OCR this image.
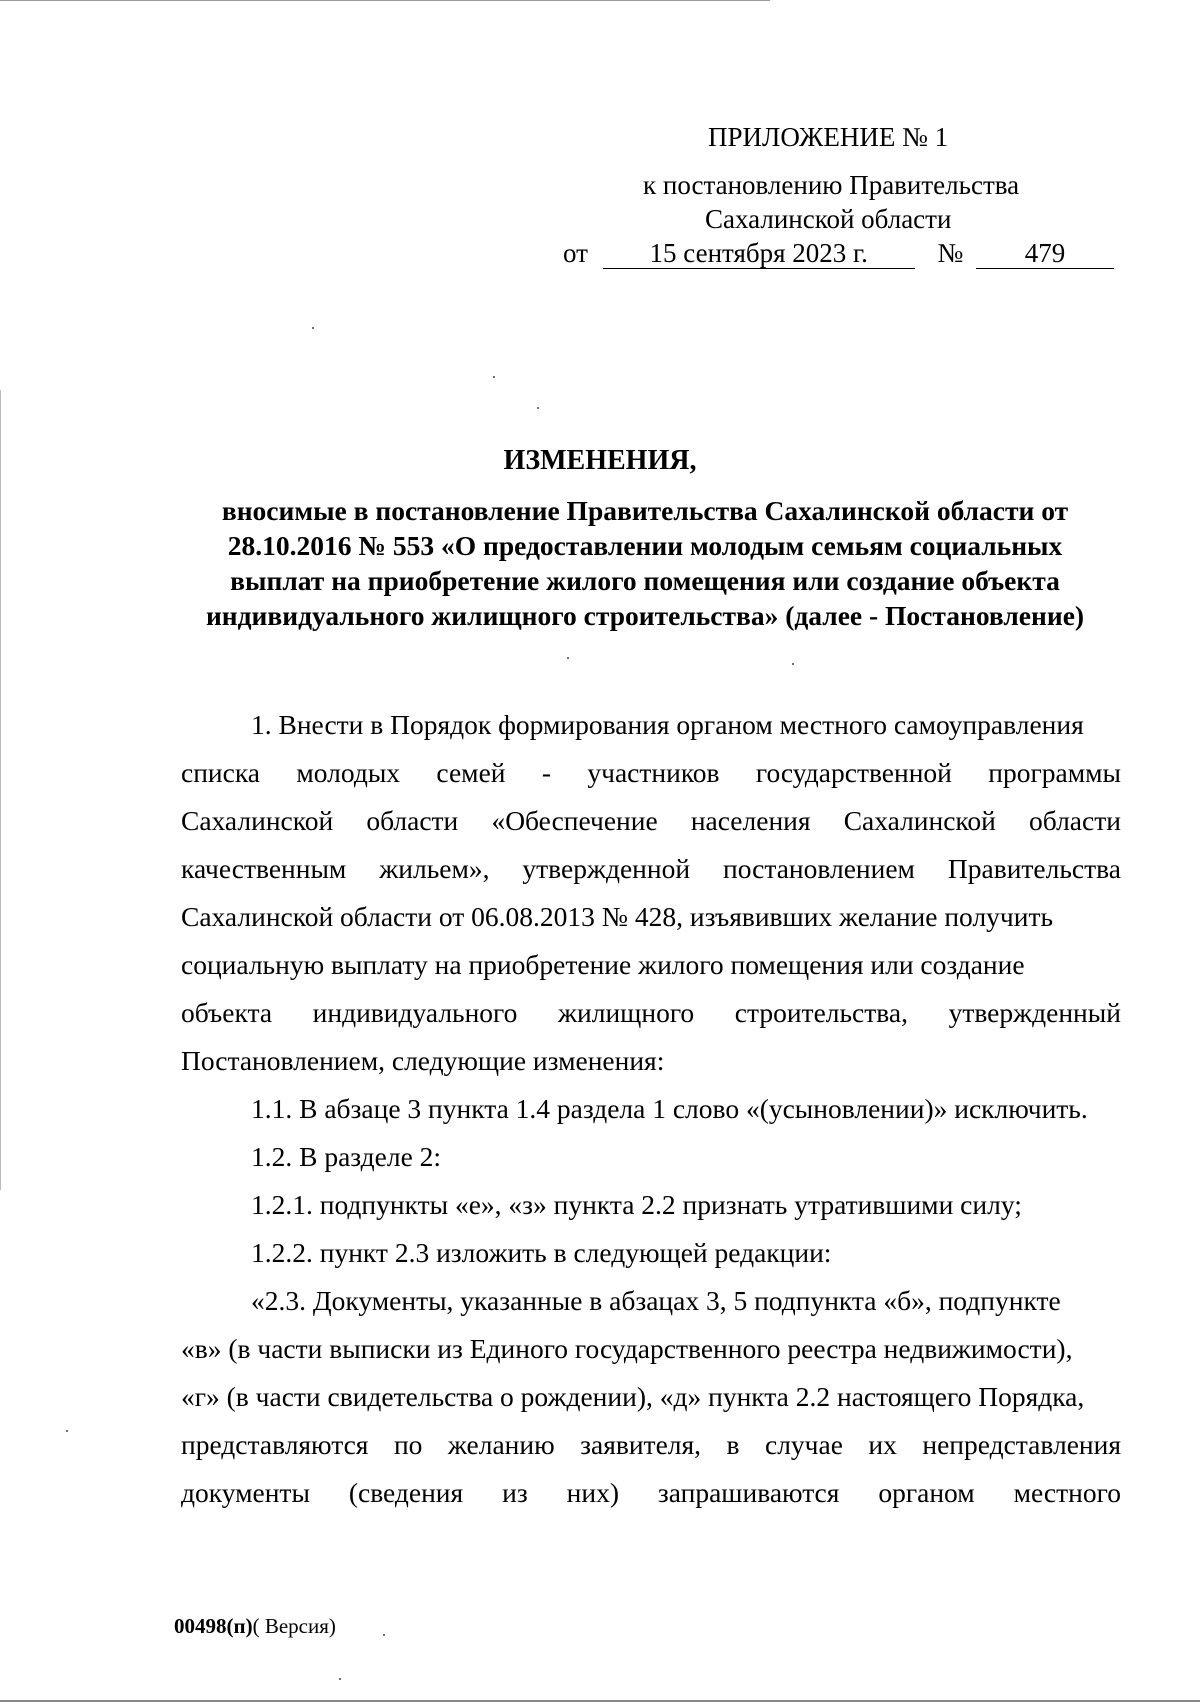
ПРИЛОЖЕНИЕ № 1
к постановлению Правительства
Сахалинской области
от 15 сентября 2023 г.	№ 479
ИЗМЕНЕНИЯ,
вносимые в постановление Правительства Сахалинской области от
28.10.2016 № 553 «О предоставлении молодым семьям социальных
выплат на приобретение жилого помещения или создание объекта
индивидуального жилищного строительства» (далее - Постановление)
1. Внести в Порядок формирования органом местного самоуправления
списка молодых семей - участников государственной программы
Сахалинской области «Обеспечение населения Сахалинской области
качественным жильем», утвержденной постановлением Правительства
Сахалинской области от 06.08.2013 № 428, изъявивших желание получить
социальную выплату на приобретение жилого помещения или создание
объекта индивидуального жилищного строительства, утвержденный
Постановлением, следующие изменения:
1.1. В абзаце 3 пункта 1.4 раздела 1 слово «(усыновлении)» исключить.
1.2. В разделе 2:
1.2.1. подпункты «е», «з» пункта 2.2 признать утратившими силу;
1.2.2. пункт 2.3 изложить в следующей редакции:
«2.3. Документы, указанные в абзацах 3, 5 подпункта «б», подпункте
«в» (в части выписки из Единого государственного реестра недвижимости),
«г» (в части свидетельства о рождении), «д» пункта 2.2 настоящего Порядка,
представляются по желанию заявителя, в случае их непредставления
документы (сведения из них) запрашиваются органом местного
00498(п)( Версия)
